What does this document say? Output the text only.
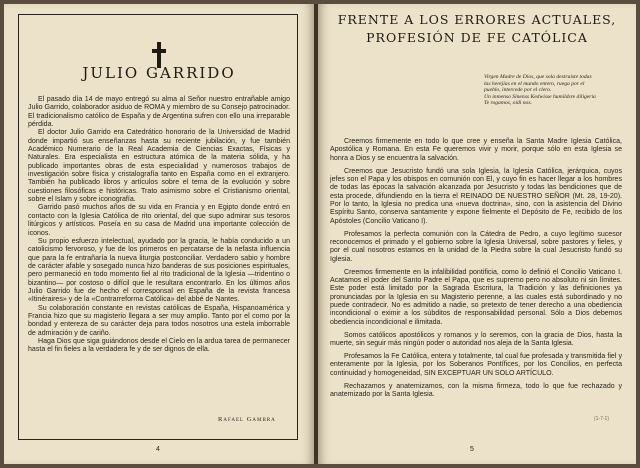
JULIO GARRIDO

El pasado día 14 de mayo entregó su alma al Señor nuestro entrañable amigo Julio Garrido, colaborador asiduo de ROMA y miembro de su Consejo patrocinador. El tradicionalismo católico de España y de Argentina sufren con ello una irreparable pérdida.

El doctor Julio Garrido era Catedrático honorario de la Universidad de Madrid donde impartió sus enseñanzas hasta su reciente jubilación, y fue también Académico Numerario de la Real Academia de Ciencias Exactas, Físicas y Naturales. Era especialista en estructura atómica de la materia sólida, y ha publicado importantes obras de esta especialidad y numerosos trabajos de investigación sobre física y cristalografía tanto en España como en el extranjero. También ha publicado libros y artículos sobre el tema de la evolución y sobre cuestiones filosóficas e históricas. Trato asimismo sobre el Cristianismo oriental, sobre el Islam y sobre iconografía.

Garrido pasó muchos años de su vida en Francia y en Egipto donde entró en contacto con la Iglesia Católica de rito oriental, del que supo admirar sus tesoros litúrgicos y artísticos. Poseía en su casa de Madrid una importante colección de iconos.

Su propio esfuerzo intelectual, ayudado por la gracia, le había conducido a un catolicismo fervoroso, y fue de los primeros en percatarse de la nefasta influencia que para la fe entrañaría la nueva liturgia postconciliar. Verdadero sabio y hombre de carácter afable y sosegado nunca hizo banderas de sus posiciones espirituales, pero permaneció en todo momento fiel al rito tradicional de la Iglesia —tridentino o bizantino— por costoso o difícil que le resultara encontrarlo. En los últimos años Julio Garrido fue de hecho el corresponsal en España de la revista francesa «Itinéraires» y de la «Contrarreforma Católica» del abbé de Nantes.

Su colaboración constante en revistas católicas de España, Hispanoamérica y Francia hizo que su magisterio llegara a ser muy amplio. Tanto por el como por la bondad y entereza de su carácter deja para todos nosotros una estela imborrable de admiración y de cariño.

Haga Dios que siga guiándonos desde el Cielo en la ardua tarea de permanecer hasta el fin fieles a la verdadera fe y de ser dignos de ella.

Rafael Gambra
4	5
FRENTE A LOS ERRORES ACTUALES,
PROFESIÓN DE FE CATÓLICA
Virgen Madre de Dios, que sola destruiste todas
las herejías en el mundo entero, ruega por el
pueblo, intercede por el clero.
Un inmenso Sinenss Kedwisse humildsre diligeria
Te rogamos, oídi nos.

Creemos firmemente en todo lo que cree y enseña la Santa Madre Iglesia Católica, Apostólica y Romana. En esta Fe queremos vivir y morir, porque sólo en esta Iglesia se honra a Dios y se encuentra la salvación.

Creemos que Jesucristo fundó una sola Iglesia, la Iglesia Católica, jerárquica, cuyos jefes son el Papa y los obispos en comunión con El, y cuyo fin es hacer llegar a los hombres de todas las épocas la salvación alcanzada por Jesucristo y todas las bendiciones que de esta procede, difundiendo en la tierra el REINADO DE NUESTRO SEÑOR (Mt. 28, 19-20). Por lo tanto, la Iglesia no predica una «nueva doctrina», sino, con la asistencia del Divino Espíritu Santo, conserva santamente y expone fielmente el Depósito de Fe, recibido de los Apóstoles (Concilio Vaticano I).

Profesamos la perfecta comunión con la Cátedra de Pedro, a cuyo legítimo sucesor reconocemos el primado y el gobierno sobre la Iglesia Universal, sobre pastores y fieles, y por el cual nosotros estamos en la unidad de la Piedra sobre la cual Jesucristo fundó su Iglesia.

Creemos firmemente en la infalibilidad pontificia, como lo definió el Concilio Vaticano I. Acatamos el poder del Santo Padre el Papa, que es supremo pero no absoluto ni sin límites. Este poder está limitado por la Sagrada Escritura, la Tradición y las definiciones ya pronunciadas por la Iglesia en su Magisterio perenne, a las cuales está subordinado y no puede contradecir. No es admitido a nadie, so pretexto de tener derecho a una obediencia incondicional o eximir a los súbditos de responsabilidad personal. Sólo a Dios debemos obediencia incondicional e ilimitada.

Somos católicos apostólicos y romanos y lo seremos, con la gracia de Dios, hasta la muerte, sin seguir más ningún poder o autoridad nos aleja de la Santa Iglesia.

Profesamos la Fe Católica, entera y totalmente, tal cual fue profesada y transmitida fiel y enteramente por la Iglesia, por los Soberanos Pontífices, por los Concilios, en perfecta continuidad y homogeneidad, SIN EXCEPTUAR UN SOLO ARTÍCULO.

Rechazamos y anatemizamos, con la misma firmeza, todo lo que fue rechazado y anatemizado por la Santa Iglesia.

(1-7-1)
